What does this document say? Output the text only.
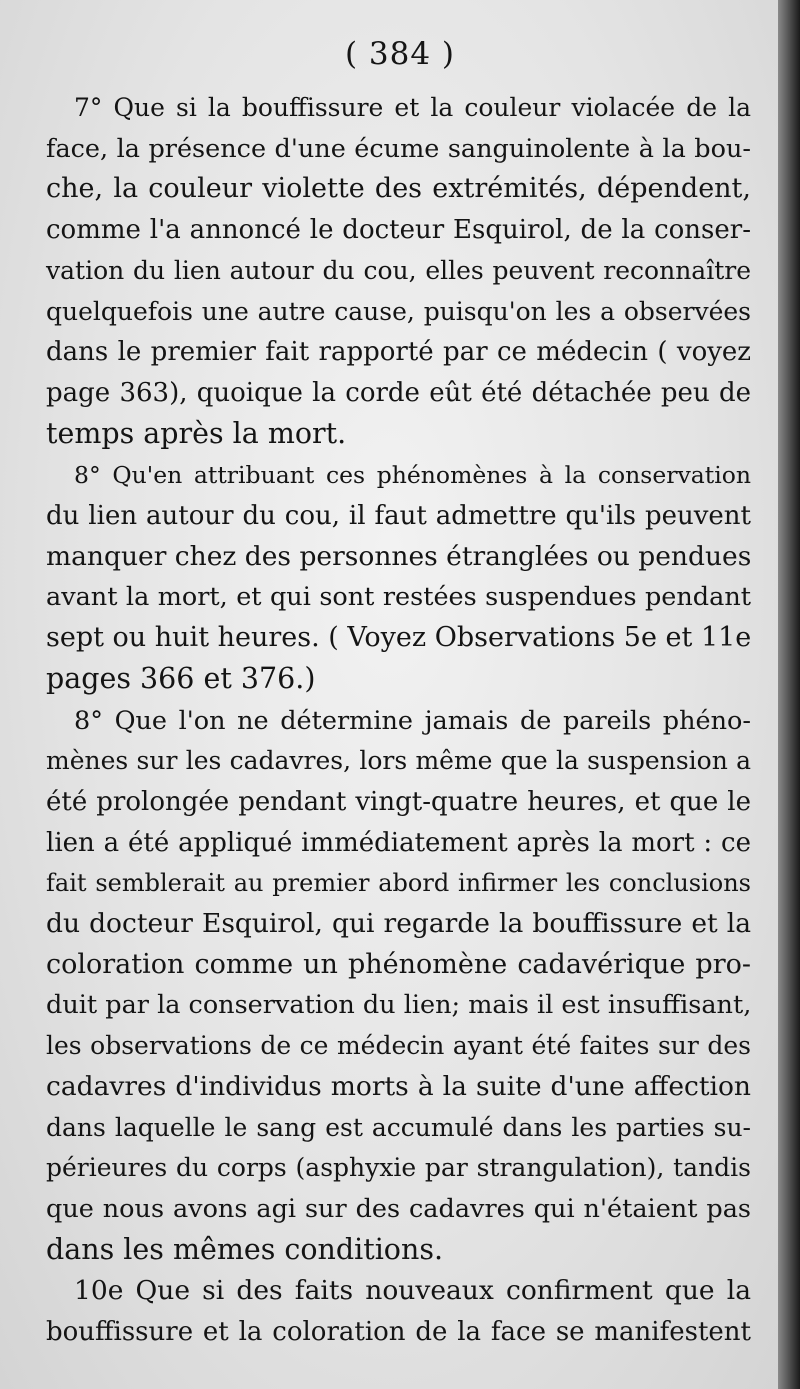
( 384 )

7° Que si la bouffissure et la couleur violacée de la
face, la présence d'une écume sanguinolente à la bou-
che, la couleur violette des extrémités, dépendent,
comme l'a annoncé le docteur Esquirol, de la conser-
vation du lien autour du cou, elles peuvent reconnaître
quelquefois une autre cause, puisqu'on les a observées
dans le premier fait rapporté par ce médecin ( voyez
page 363), quoique la corde eût été détachée peu de
temps après la mort.

8° Qu'en attribuant ces phénomènes à la conservation
du lien autour du cou, il faut admettre qu'ils peuvent
manquer chez des personnes étranglées ou pendues
avant la mort, et qui sont restées suspendues pendant
sept ou huit heures. ( Voyez Observations 5e et 11e
pages 366 et 376.)

8° Que l'on ne détermine jamais de pareils phéno-
mènes sur les cadavres, lors même que la suspension a
été prolongée pendant vingt-quatre heures, et que le
lien a été appliqué immédiatement après la mort : ce
fait semblerait au premier abord infirmer les conclusions
du docteur Esquirol, qui regarde la bouffissure et la
coloration comme un phénomène cadavérique pro-
duit par la conservation du lien; mais il est insuffisant,
les observations de ce médecin ayant été faites sur des
cadavres d'individus morts à la suite d'une affection
dans laquelle le sang est accumulé dans les parties su-
périeures du corps (asphyxie par strangulation), tandis
que nous avons agi sur des cadavres qui n'étaient pas
dans les mêmes conditions.

10e Que si des faits nouveaux confirment que la
bouffissure et la coloration de la face se manifestent
